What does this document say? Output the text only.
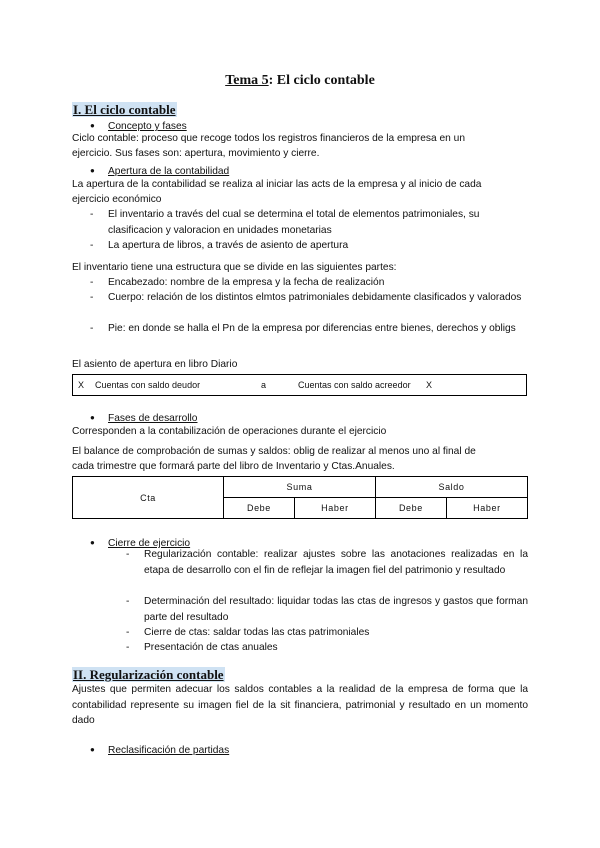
Tema 5: El ciclo contable
I. El ciclo contable
● Concepto y fases
Ciclo contable: proceso que recoge todos los registros financieros de la empresa en un
ejercicio. Sus fases son: apertura, movimiento y cierre.
● Apertura de la contabilidad
La apertura de la contabilidad se realiza al iniciar las acts de la empresa y al inicio de cada
ejercicio económico
- El inventario a través del cual se determina el total de elementos patrimoniales, su clasificacion y valoracion en unidades monetarias
- La apertura de libros, a través de asiento de apertura
El inventario tiene una estructura que se divide en las siguientes partes:
- Encabezado: nombre de la empresa y la fecha de realización
- Cuerpo: relación de los distintos elmtos patrimoniales debidamente clasificados y valorados
- Pie: en donde se halla el Pn de la empresa por diferencias entre bienes, derechos y obligs
El asiento de apertura en libro Diario
X Cuentas con saldo deudor	a	Cuentas con saldo acreedor X
● Fases de desarrollo
Corresponden a la contabilización de operaciones durante el ejercicio
El balance de comprobación de sumas y saldos: oblig de realizar al menos uno al final de
cada trimestre que formará parte del libro de Inventario y Ctas.Anuales.
Cta	Suma		Saldo	
	Debe	Haber	Debe	Haber
● Cierre de ejercicio
- Regularización contable: realizar ajustes sobre las anotaciones realizadas en la etapa de desarrollo con el fin de reflejar la imagen fiel del patrimonio y resultado
- Determinación del resultado: liquidar todas las ctas de ingresos y gastos que forman parte del resultado
- Cierre de ctas: saldar todas las ctas patrimoniales
- Presentación de ctas anuales
II. Regularización contable
Ajustes que permiten adecuar los saldos contables a la realidad de la empresa de forma que la contabilidad represente su imagen fiel de la sit financiera, patrimonial y resultado en un momento dado
● Reclasificación de partidas
